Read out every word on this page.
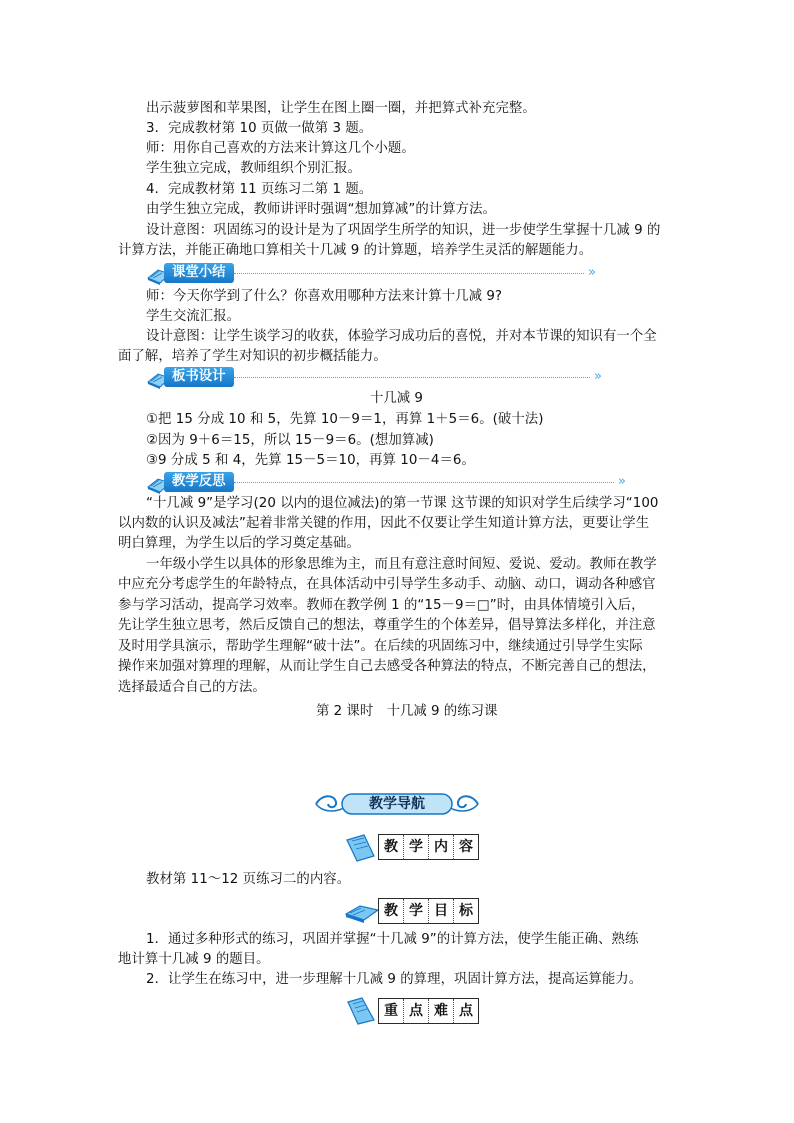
出示菠萝图和苹果图，让学生在图上圈一圈，并把算式补充完整。
3．完成教材第 10 页做一做第 3 题。
师：用你自己喜欢的方法来计算这几个小题。
学生独立完成，教师组织个别汇报。
4．完成教材第 11 页练习二第 1 题。
由学生独立完成，教师讲评时强调“想加算减”的计算方法。
设计意图：巩固练习的设计是为了巩固学生所学的知识，进一步使学生掌握十几减 9 的
计算方法，并能正确地口算相关十几减 9 的计算题，培养学生灵活的解题能力。
课堂小结	»
师：今天你学到了什么？你喜欢用哪种方法来计算十几减 9?
学生交流汇报。
设计意图：让学生谈学习的收获，体验学习成功后的喜悦，并对本节课的知识有一个全
面了解，培养了学生对知识的初步概括能力。
板书设计	»
十几减 9
①把 15 分成 10 和 5，先算 10－9＝1，再算 1＋5＝6。(破十法)
②因为 9＋6＝15，所以 15－9＝6。(想加算减)
③9 分成 5 和 4，先算 15－5＝10，再算 10－4＝6。
教学反思	»
“十几减 9”是学习(20 以内的退位减法)的第一节课 这节课的知识对学生后续学习“100
以内数的认识及减法”起着非常关键的作用，因此不仅要让学生知道计算方法，更要让学生
明白算理，为学生以后的学习奠定基础。
一年级小学生以具体的形象思维为主，而且有意注意时间短、爱说、爱动。教师在教学
中应充分考虑学生的年龄特点，在具体活动中引导学生多动手、动脑、动口，调动各种感官
参与学习活动，提高学习效率。教师在教学例 1 的“15－9＝□”时，由具体情境引入后，
先让学生独立思考，然后反馈自己的想法，尊重学生的个体差异，倡导算法多样化，并注意
及时用学具演示，帮助学生理解“破十法”。在后续的巩固练习中，继续通过引导学生实际
操作来加强对算理的理解，从而让学生自己去感受各种算法的特点，不断完善自己的想法，
选择最适合自己的方法。
第 2 课时　十几减 9 的练习课
教学导航
教 学 内 容
教材第 11～12 页练习二的内容。
教 学 目 标
1．通过多种形式的练习，巩固并掌握“十几减 9”的计算方法，使学生能正确、熟练
地计算十几减 9 的题目。
2．让学生在练习中，进一步理解十几减 9 的算理，巩固计算方法，提高运算能力。
重 点 难 点
